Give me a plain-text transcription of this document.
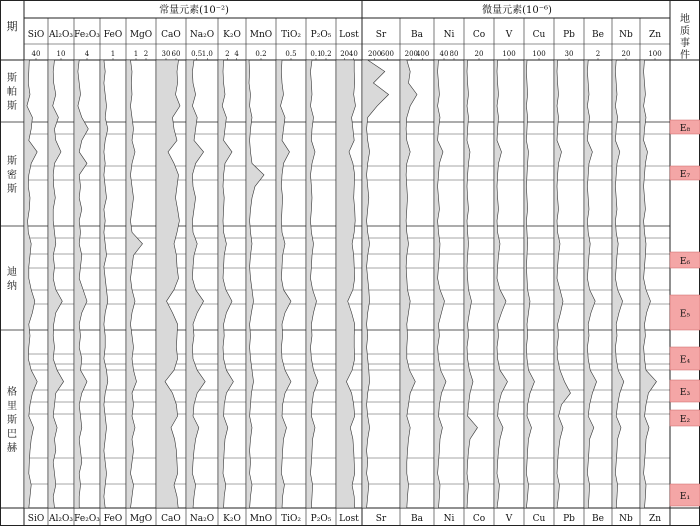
E₈
E₇
E₆
E₅
E₄
E₃
E₂
E₁
期
常量元素(10⁻²)	微量元素(10⁻⁶)
斯帕斯
斯密斯
迪纳
格里斯巴赫
地质事件
SiO
SiO
40
Al₂O₃
Al₂O₃
10
Fe₂O₃
Fe₂O₃
4
FeO
FeO
1
MgO
MgO
1 2
CaO
CaO
30 60
Na₂O
Na₂O
0.5 1.0
K₂O
K₂O
2 4
MnO
MnO
0.2
TiO₂
TiO₂
0.5
P₂O₅
P₂O₅
0.1
0.2
Lost
Lost
20 40
Sr
Sr
200 600
Ba
Ba
200
400
Ni
Ni
40 80
Co
Co
20
V
V
100
Cu
Cu
100
Pb
Pb
30
Be
Be
2
Nb
Nb
20
Zn
Zn
100
